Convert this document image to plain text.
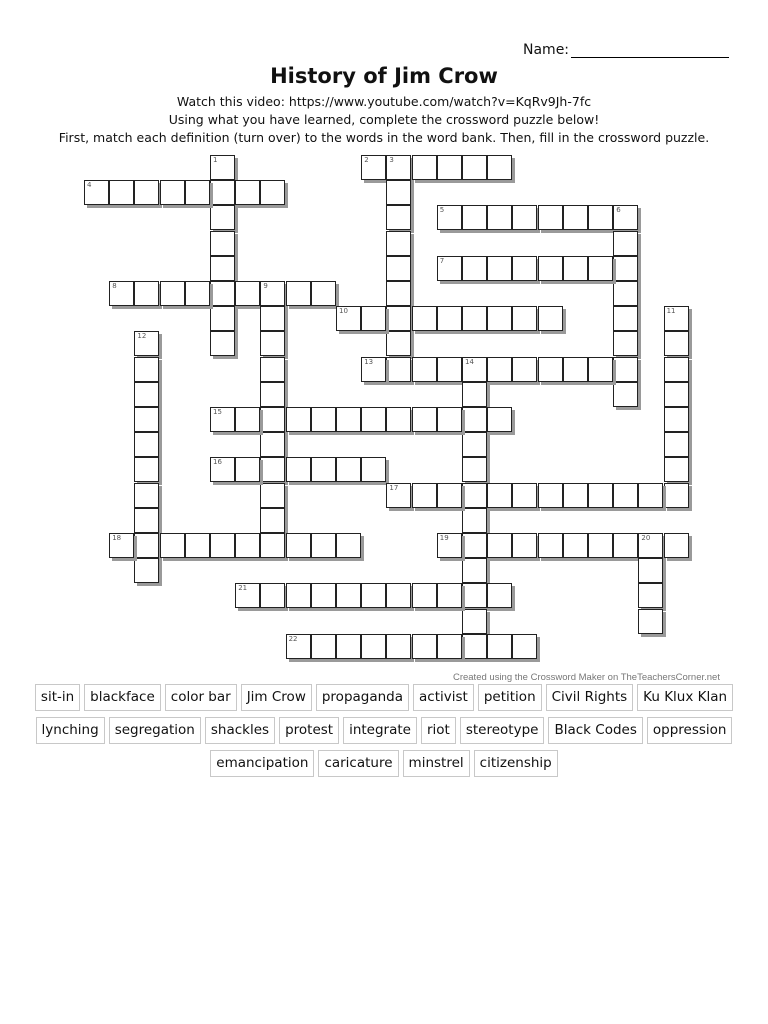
Name:
History of Jim Crow
Watch this video: https://www.youtube.com/watch?v=KqRv9Jh-7fc
Using what you have learned, complete the crossword puzzle below!
First, match each definition (turn over) to the words in the word bank. Then, fill in the crossword puzzle.
1	2	3
4
5	6
7
8	9
10	11
12
13	14
15
16
17
18	19	20
21
22
Created using the Crossword Maker on TheTeachersCorner.net
sit-in	blackface	color bar	Jim Crow	propaganda	activist	petition	Civil Rights	Ku Klux Klan
lynching	segregation	shackles	protest	integrate	riot	stereotype	Black Codes	oppression
emancipation	caricature	minstrel	citizenship
